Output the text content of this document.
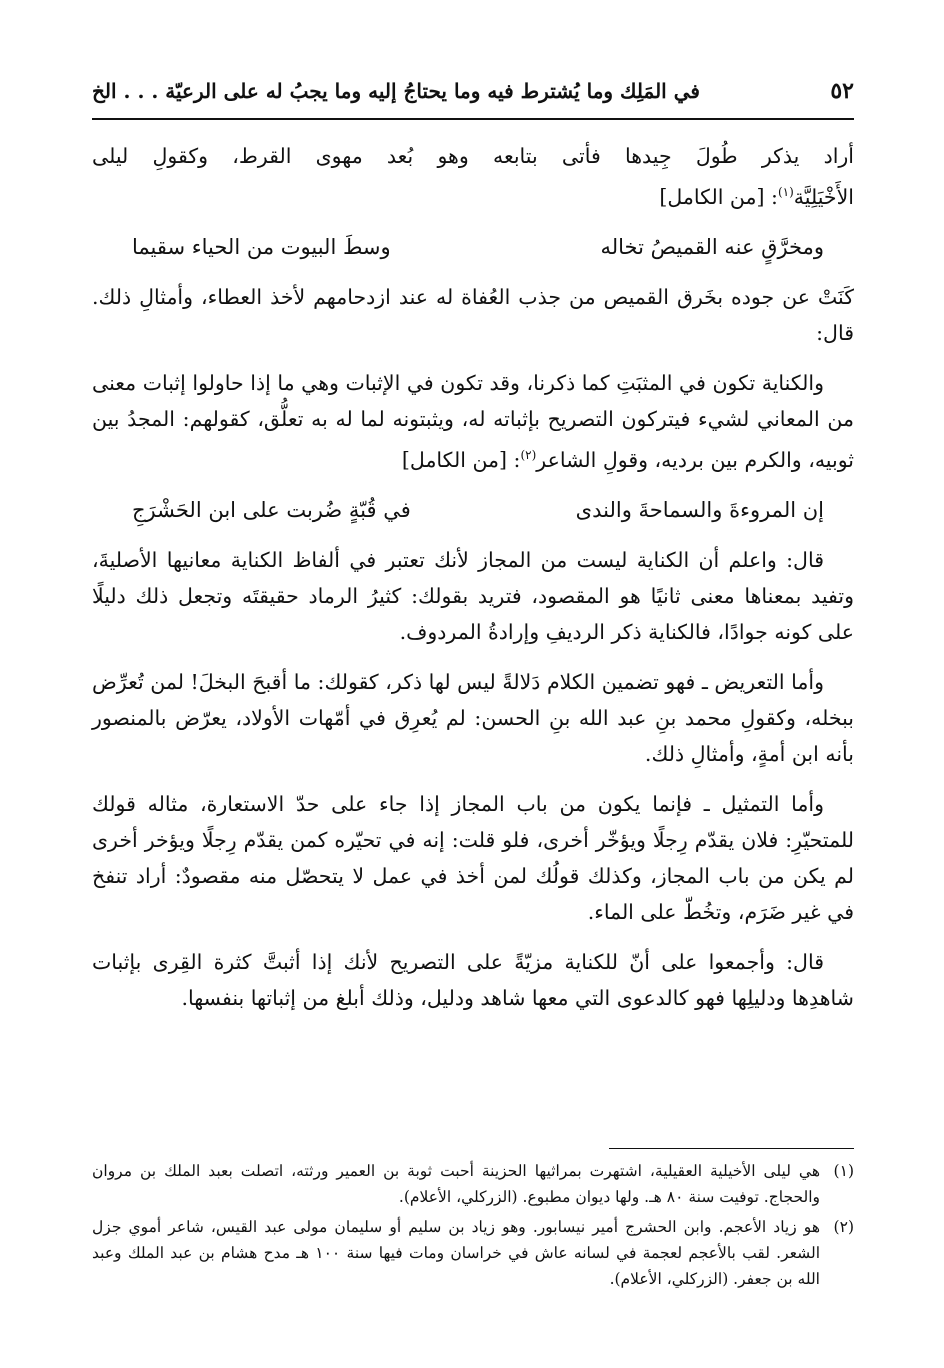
٥٢
في المَلِك وما يُشترط فيه وما يحتاجُ إليه وما يجبُ له على الرعيّة . . . الخ

أراد يذكر طُولَ جِيدها فأتى بتابعه وهو بُعد مهوى القرط، وكقولِ ليلى الأَخْيَلِيَّة$^{(١)}$: [من الكامل]

ومخرَّقٍ عنه القميصُ تخاله
وسطَ البيوت من الحياء سقيما

كَنَتْ عن جوده بخَرق القميص من جذب العُفاة له عند ازدحامهم لأخذ العطاء، وأمثالِ ذلك. قال:

والكناية تكون في المثبَتِ كما ذكرنا، وقد تكون في الإثبات وهي ما إذا حاولوا إثبات معنى من المعاني لشيء فيتركون التصريح بإثباته له، ويثبتونه لما له به تعلُّق، كقولهم: المجدُ بين ثوبيه، والكرم بين برديه، وقولِ الشاعر$^{(٢)}$: [من الكامل]

إن المروءةَ والسماحةَ والندى
في قُبّةٍ ضُربت على ابن الحَشْرَجِ

قال: واعلم أن الكناية ليست من المجاز لأنك تعتبر في ألفاظ الكناية معانيها الأصليةَ، وتفيد بمعناها معنى ثانيًا هو المقصود، فتريد بقولك: كثيرُ الرماد حقيقتَه وتجعل ذلك دليلًا على كونه جوادًا، فالكناية ذكر الرديفِ وإرادةُ المردوف.

وأما التعريض ـ فهو تضمين الكلام دَلالةً ليس لها ذكر، كقولك: ما أقبحَ البخلَ! لمن تُعرِّض ببخله، وكقولِ محمد بنِ عبد الله بنِ الحسن: لم يُعرِق في أمّهات الأولاد، يعرّض بالمنصور بأنه ابن أمةٍ، وأمثالِ ذلك.

وأما التمثيل ـ فإنما يكون من باب المجاز إذا جاء على حدّ الاستعارة، مثاله قولك للمتحيّرِ: فلان يقدّم رِجلًا ويؤخّر أخرى، فلو قلت: إنه في تحيّره كمن يقدّم رِجلًا ويؤخر أخرى لم يكن من باب المجاز، وكذلك قولُك لمن أخذ في عمل لا يتحصّل منه مقصودٌ: أراد تنفخ في غير ضَرَم، وتخُطّ على الماء.

قال: وأجمعوا على أنّ للكناية مزيّةً على التصريح لأنك إذا أثبتَّ كثرة القِرى بإثبات شاهدِها ودليلِها فهو كالدعوى التي معها شاهد ودليل، وذلك أبلغ من إثباتها بنفسها.

(١)
هي ليلى الأخيلية العقيلية، اشتهرت بمراثيها الحزينة أحبت ثوبة بن العمير ورثته، اتصلت بعبد الملك بن مروان والحجاج. توفيت سنة ٨٠ هـ. ولها ديوان مطبوع. (الزركلي، الأعلام).
(٢)
هو زياد الأعجم. وابن الحشرج أمير نيسابور. وهو زياد بن سليم أو سليمان مولى عبد القيس، شاعر أموي جزل الشعر. لقب بالأعجم لعجمة في لسانه عاش في خراسان ومات فيها سنة ١٠٠ هـ مدح هشام بن عبد الملك وعبد الله بن جعفر. (الزركلي، الأعلام).
